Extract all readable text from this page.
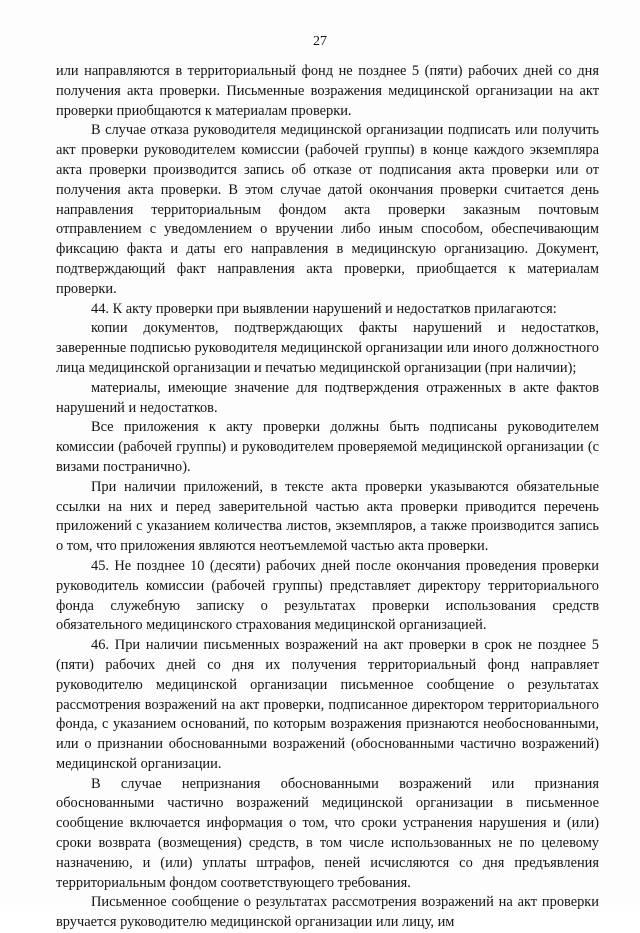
27

или направляются в территориальный фонд не позднее 5 (пяти) рабочих дней со дня получения акта проверки. Письменные возражения медицинской организации на акт проверки приобщаются к материалам проверки.

В случае отказа руководителя медицинской организации подписать или получить акт проверки руководителем комиссии (рабочей группы) в конце каждого экземпляра акта проверки производится запись об отказе от подписания акта проверки или от получения акта проверки. В этом случае датой окончания проверки считается день направления территориальным фондом акта проверки заказным почтовым отправлением с уведомлением о вручении либо иным способом, обеспечивающим фиксацию факта и даты его направления в медицинскую организацию. Документ, подтверждающий факт направления акта проверки, приобщается к материалам проверки.

44. К акту проверки при выявлении нарушений и недостатков прилагаются:

копии документов, подтверждающих факты нарушений и недостатков, заверенные подписью руководителя медицинской организации или иного должностного лица медицинской организации и печатью медицинской организации (при наличии);

материалы, имеющие значение для подтверждения отраженных в акте фактов нарушений и недостатков.

Все приложения к акту проверки должны быть подписаны руководителем комиссии (рабочей группы) и руководителем проверяемой медицинской организации (с визами постранично).

При наличии приложений, в тексте акта проверки указываются обязательные ссылки на них и перед заверительной частью акта проверки приводится перечень приложений с указанием количества листов, экземпляров, а также производится запись о том, что приложения являются неотъемлемой частью акта проверки.

45. Не позднее 10 (десяти) рабочих дней после окончания проведения проверки руководитель комиссии (рабочей группы) представляет директору территориального фонда служебную записку о результатах проверки использования средств обязательного медицинского страхования медицинской организацией.

46. При наличии письменных возражений на акт проверки в срок не позднее 5 (пяти) рабочих дней со дня их получения территориальный фонд направляет руководителю медицинской организации письменное сообщение о результатах рассмотрения возражений на акт проверки, подписанное директором территориального фонда, с указанием оснований, по которым возражения признаются необоснованными, или о признании обоснованными возражений (обоснованными частично возражений) медицинской организации.

В случае непризнания обоснованными возражений или признания обоснованными частично возражений медицинской организации в письменное сообщение включается информация о том, что сроки устранения нарушения и (или) сроки возврата (возмещения) средств, в том числе использованных не по целевому назначению, и (или) уплаты штрафов, пеней исчисляются со дня предъявления территориальным фондом соответствующего требования.

Письменное сообщение о результатах рассмотрения возражений на акт проверки вручается руководителю медицинской организации или лицу, им
